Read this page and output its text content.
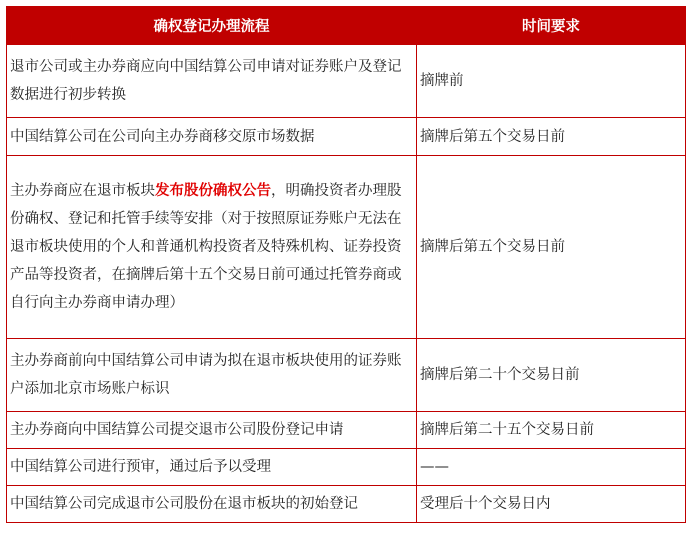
确权登记办理流程	时间要求
退市公司或主办券商应向中国结算公司申请对证券账户及登记数据进行初步转换	摘牌前
中国结算公司在公司向主办券商移交原市场数据	摘牌后第五个交易日前
主办券商应在退市板块发布股份确权公告，明确投资者办理股份确权、登记和托管手续等安排（对于按照原证券账户无法在退市板块使用的个人和普通机构投资者及特殊机构、证券投资产品等投资者，在摘牌后第十五个交易日前可通过托管券商或自行向主办券商申请办理）	摘牌后第五个交易日前
主办券商前向中国结算公司申请为拟在退市板块使用的证券账户添加北京市场账户标识	摘牌后第二十个交易日前
主办券商向中国结算公司提交退市公司股份登记申请	摘牌后第二十五个交易日前
中国结算公司进行预审，通过后予以受理	——
中国结算公司完成退市公司股份在退市板块的初始登记	受理后十个交易日内
